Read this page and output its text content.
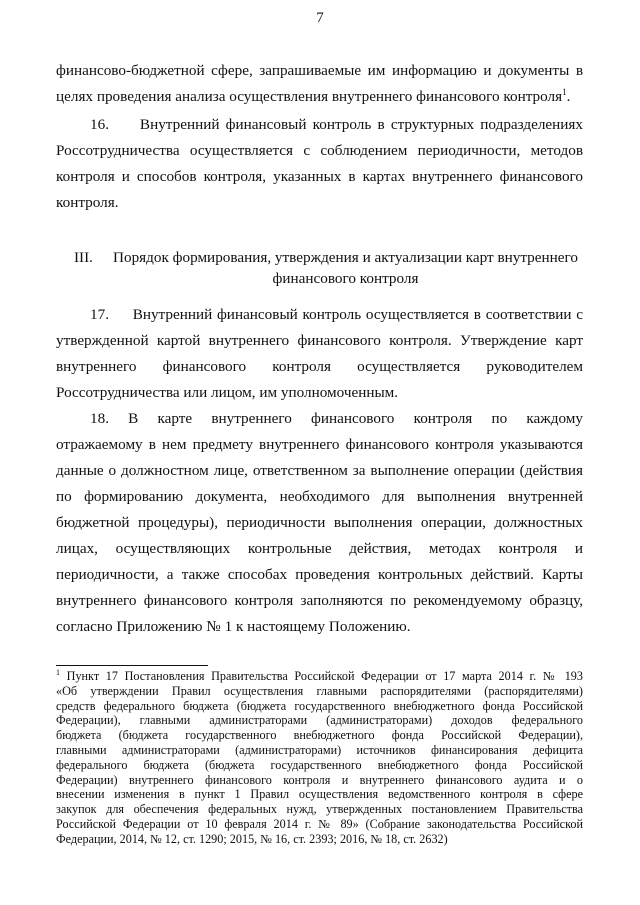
7

финансово-бюджетной сфере, запрашиваемые им информацию и документы в

целях проведения анализа осуществления внутреннего финансового контроля$^1$.

16.     Внутренний финансовый контроль в структурных подразделениях

Россотрудничества осуществляется с соблюдением периодичности, методов

контроля и способов контроля, указанных в картах внутреннего финансового

контроля.

III.	Порядок формирования, утверждения и актуализации карт внутреннего
финансового контроля

17.     Внутренний финансовый контроль осуществляется в соответствии с

утвержденной картой внутреннего финансового контроля. Утверждение карт

внутреннего     финансового     контроля     осуществляется     руководителем

Россотрудничества или лицом, им уполномоченным.

18.    В    карте    внутреннего    финансового    контроля    по    каждому

отражаемому в нем предмету внутреннего финансового контроля указываются

данные о должностном лице, ответственном за выполнение операции (действия

по формированию документа, необходимого для выполнения внутренней

бюджетной процедуры), периодичности выполнения операции, должностных

лицах, осуществляющих контрольные действия, методах контроля и

периодичности, а также способах проведения контрольных действий. Карты

внутреннего финансового контроля заполняются по рекомендуемому образцу,

согласно Приложению № 1 к настоящему Положению.

$^1$ Пункт 17 Постановления Правительства Российской Федерации от 17 марта 2014 г. № 193
«Об утверждении Правил осуществления главными распорядителями (распорядителями)
средств федерального бюджета (бюджета государственного внебюджетного фонда Российской
Федерации), главными администраторами (администраторами) доходов федерального
бюджета (бюджета государственного внебюджетного фонда Российской Федерации),
главными администраторами (администраторами) источников финансирования дефицита
федерального бюджета (бюджета государственного внебюджетного фонда Российской
Федерации) внутреннего финансового контроля и внутреннего финансового аудита и о
внесении изменения в пункт 1 Правил осуществления ведомственного контроля в сфере
закупок для обеспечения федеральных нужд, утвержденных постановлением Правительства
Российской Федерации от 10 февраля 2014 г. № 89» (Собрание законодательства Российской
Федерации, 2014, № 12, ст. 1290; 2015, № 16, ст. 2393; 2016, № 18, ст. 2632)
